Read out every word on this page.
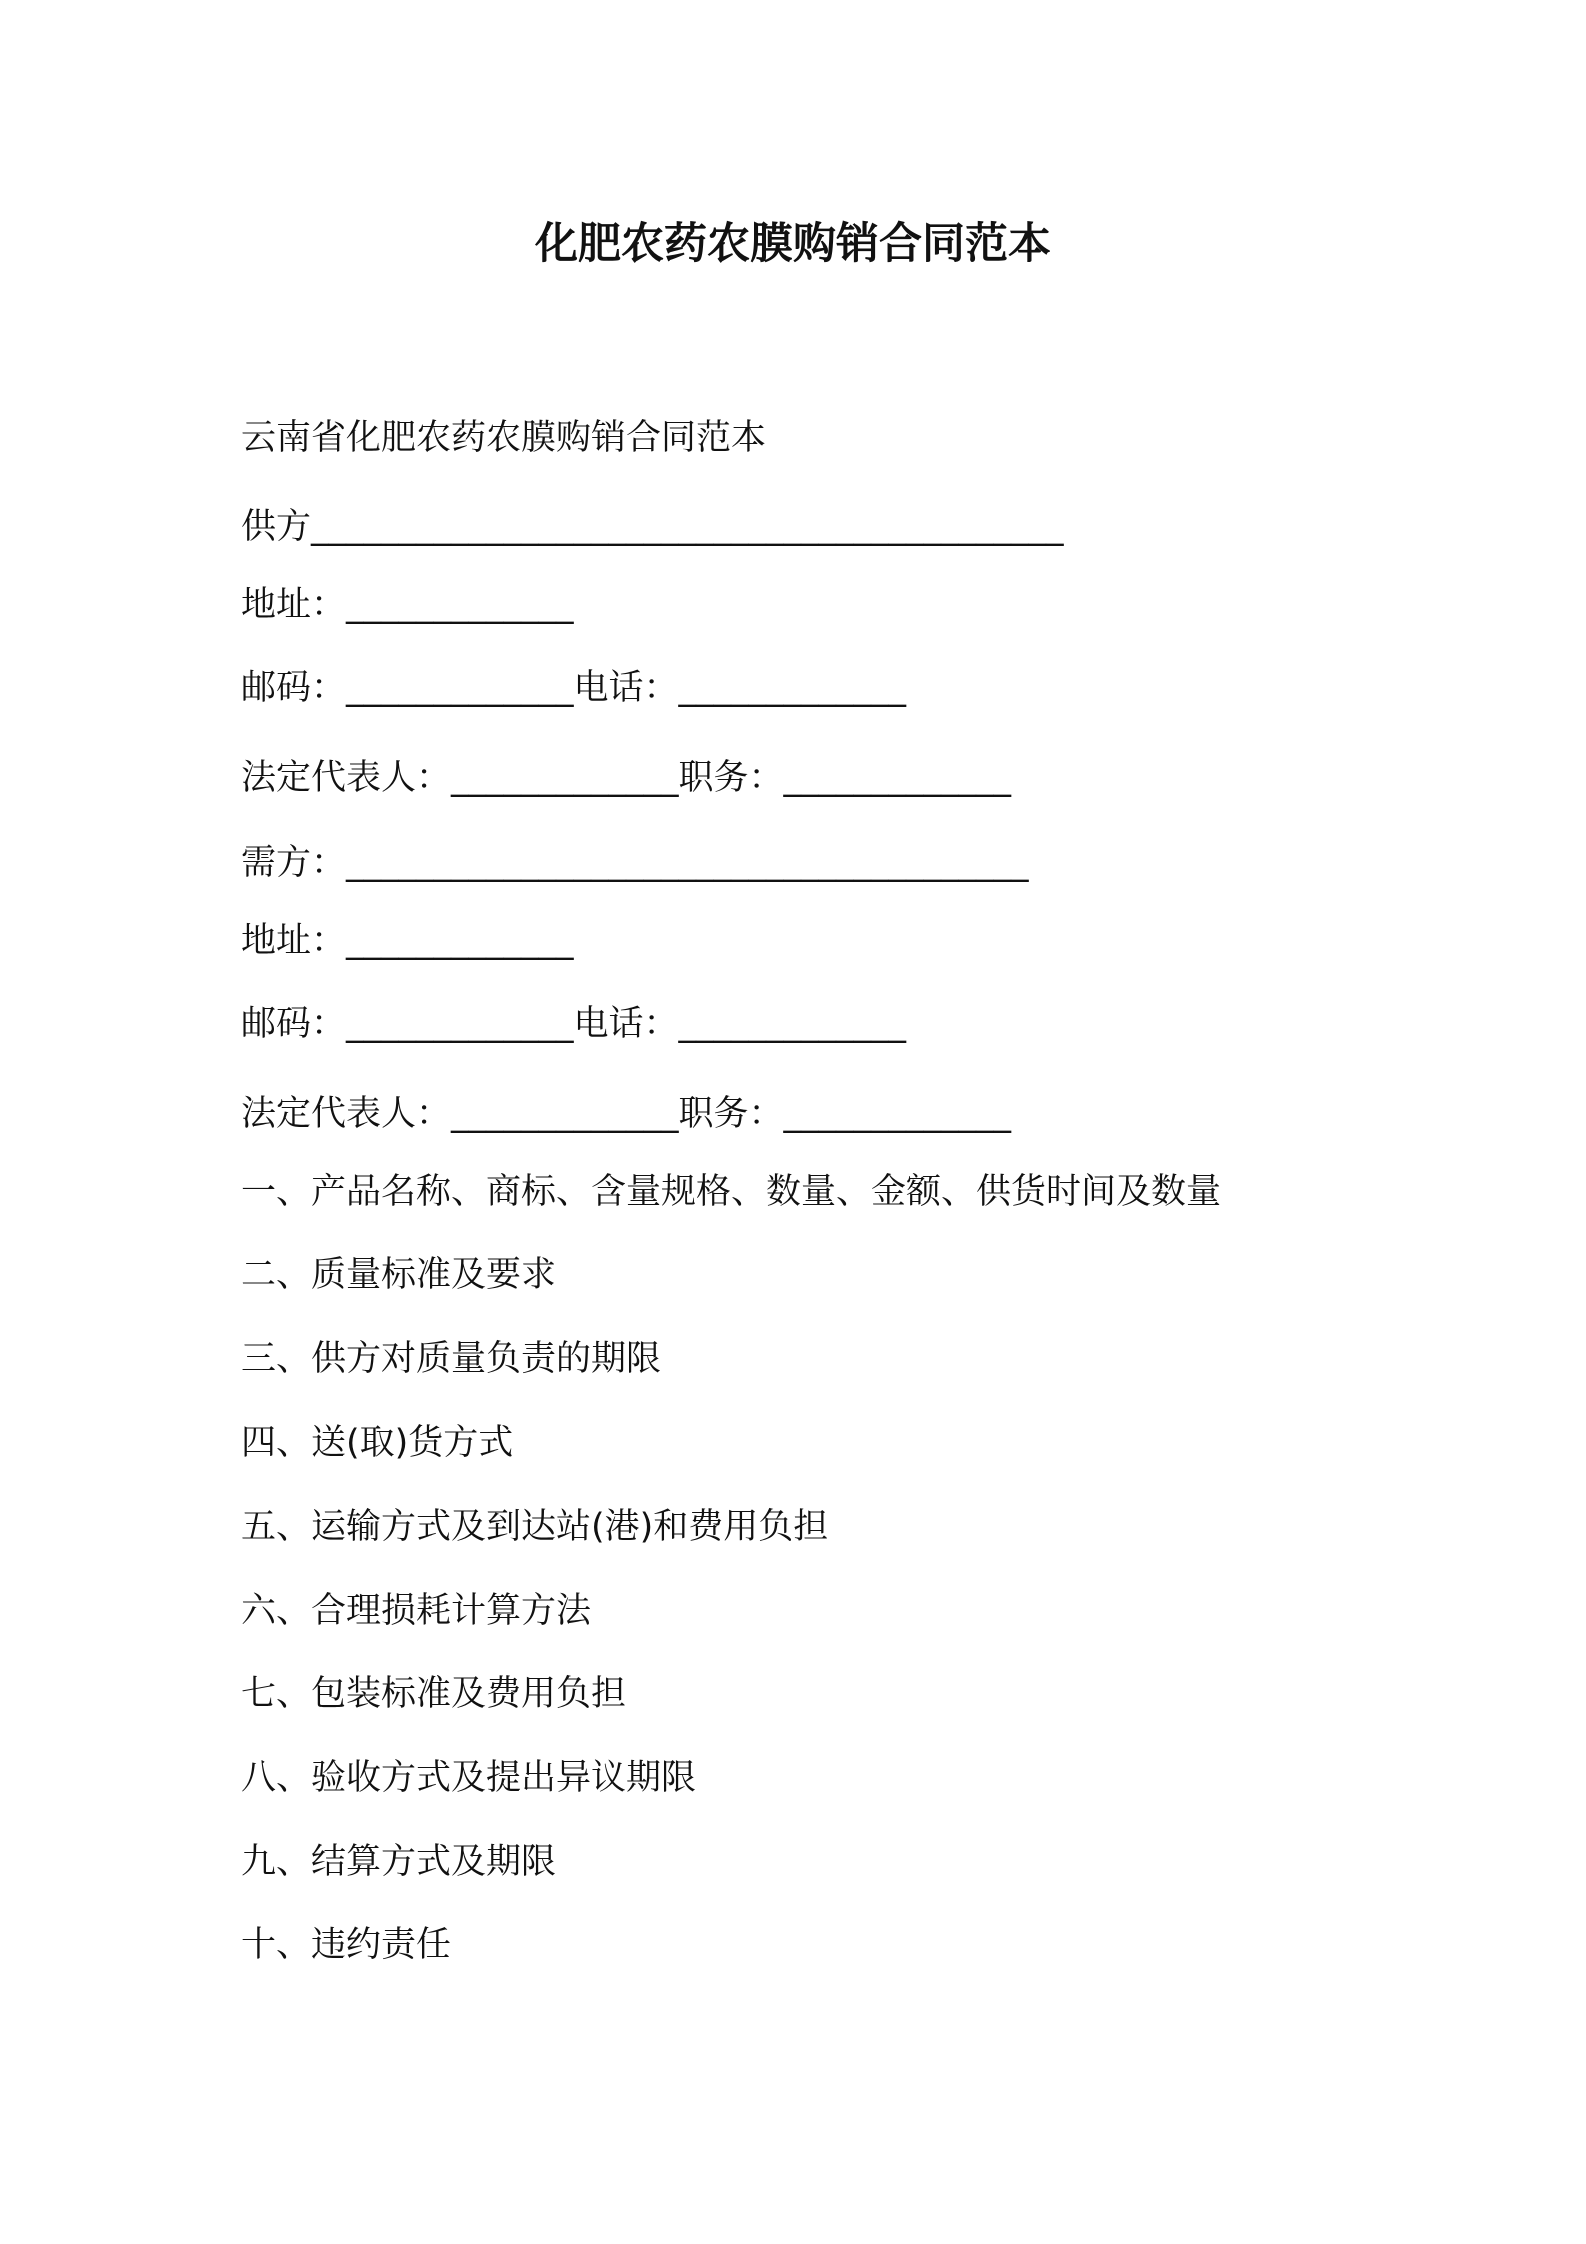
化肥农药农膜购销合同范本
云南省化肥农药农膜购销合同范本
供方___________________________________________
地址：_____________
邮码：_____________电话：_____________
法定代表人：_____________职务：_____________
需方：_______________________________________
地址：_____________
邮码：_____________电话：_____________
法定代表人：_____________职务：_____________
一、产品名称、商标、含量规格、数量、金额、供货时间及数量
二、质量标准及要求
三、供方对质量负责的期限
四、送(取)货方式
五、运输方式及到达站(港)和费用负担
六、合理损耗计算方法
七、包装标准及费用负担
八、验收方式及提出异议期限
九、结算方式及期限
十、违约责任
